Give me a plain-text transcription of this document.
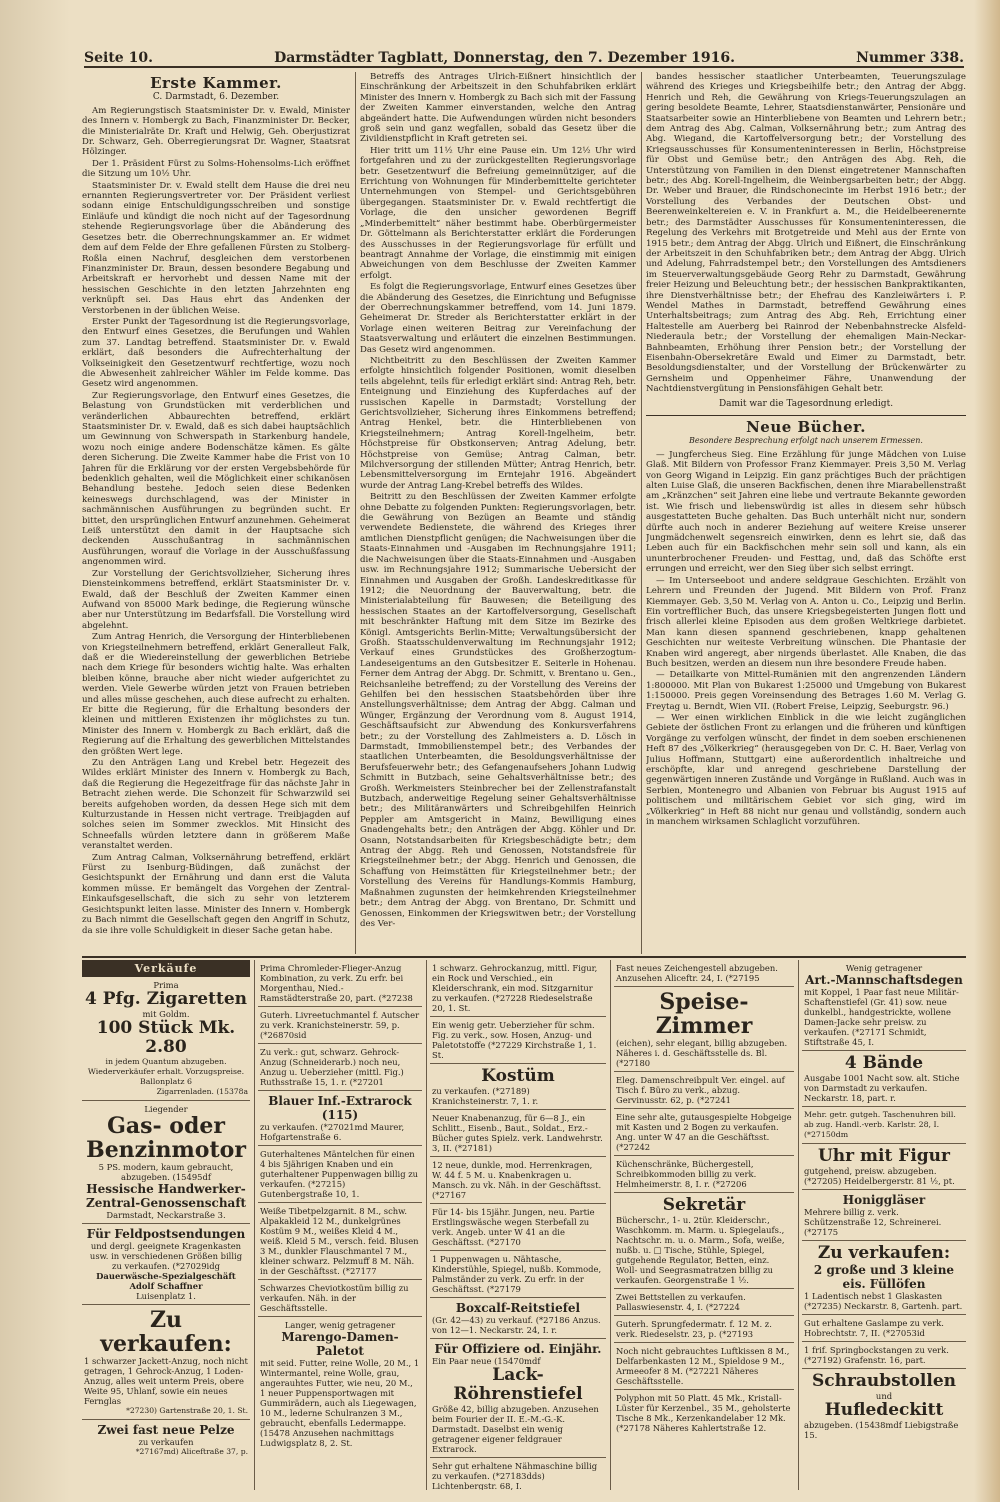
Seite 10.	Darmstädter Tagblatt, Donnerstag, den 7. Dezember 1916.	Nummer 338.
Erste Kammer.
C. Darmstadt, 6. Dezember.

Am Regierungstisch Staatsminister Dr. v. Ewald, Minister des Innern v. Hombergk zu Bach, Finanzminister Dr. Becker, die Ministerialräte Dr. Kraft und Helwig, Geh. Oberjustizrat Dr. Schwarz, Geh. Oberregierungsrat Dr. Wagner, Staatsrat Hölzinger.

Der 1. Präsident Fürst zu Solms-Hohensolms-Lich eröffnet die Sitzung um 10½ Uhr.

Staatsminister Dr. v. Ewald stellt dem Hause die drei neu ernannten Regierungsvertreter vor. Der Präsident verliest sodann einige Entschuldigungsschreiben und sonstige Einläufe und kündigt die noch nicht auf der Tagesordnung stehende Regierungsvorlage über die Abänderung des Gesetzes betr. die Oberrechnungskammer an. Er widmet dem auf dem Felde der Ehre gefallenen Fürsten zu Stolberg-Roßla einen Nachruf, desgleichen dem verstorbenen Finanzminister Dr. Braun, dessen besondere Begabung und Arbeitskraft er hervorhebt und dessen Name mit der hessischen Geschichte in den letzten Jahrzehnten eng verknüpft sei. Das Haus ehrt das Andenken der Verstorbenen in der üblichen Weise.

Erster Punkt der Tagesordnung ist die Regierungsvorlage, den Entwurf eines Gesetzes, die Berufungen und Wahlen zum 37. Landtag betreffend. Staatsminister Dr. v. Ewald erklärt, daß besonders die Aufrechterhaltung der Volkseinigkeit den Gesetzentwurf rechtfertige, wozu noch die Abwesenheit zahlreicher Wähler im Felde komme. Das Gesetz wird angenommen.

Zur Regierungsvorlage, den Entwurf eines Gesetzes, die Belastung von Grundstücken mit verderblichen und veränderlichen Abbaurechten betreffend, erklärt Staatsminister Dr. v. Ewald, daß es sich dabei hauptsächlich um Gewinnung von Schwerspath in Starkenburg handele, wozu noch einige andere Bodenschätze kämen. Es gälte deren Sicherung. Die Zweite Kammer habe die Frist von 10 Jahren für die Erklärung vor der ersten Vergebsbehörde für bedenklich gehalten, weil die Möglichkeit einer schikanösen Behandlung bestehe. Jedoch seien diese Bedenken keineswegs durchschlagend, was der Minister in sachmännischen Ausführungen zu begründen sucht. Er bittet, den ursprünglichen Entwurf anzunehmen. Geheimerat Leiß unterstützt den damit in der Hauptsache sich deckenden Ausschußantrag in sachmännischen Ausführungen, worauf die Vorlage in der Ausschußfassung angenommen wird.

Zur Vorstellung der Gerichtsvollzieher, Sicherung ihres Diensteinkommens betreffend, erklärt Staatsminister Dr. v. Ewald, daß der Beschluß der Zweiten Kammer einen Aufwand von 85000 Mark bedinge, die Regierung wünsche aber nur Unterstützung im Bedarfsfall. Die Vorstellung wird abgelehnt.

Zum Antrag Henrich, die Versorgung der Hinterbliebenen von Kriegsteilnehmern betreffend, erklärt Generalleut Falk, daß er die Wiedereinstellung der gewerblichen Betriebe nach dem Kriege für besonders wichtig halte. Was erhalten bleiben könne, brauche aber nicht wieder aufgerichtet zu werden. Viele Gewerbe würden jetzt von Frauen betrieben und alles müsse geschehen, auch diese aufrecht zu erhalten. Er bitte die Regierung, für die Erhaltung besonders der kleinen und mittleren Existenzen ihr möglichstes zu tun. Minister des Innern v. Hombergk zu Bach erklärt, daß die Regierung auf die Erhaltung des gewerblichen Mittelstandes den größten Wert lege.

Zu den Anträgen Lang und Krebel betr. Hegezeit des Wildes erklärt Minister des Innern v. Hombergk zu Bach, daß die Regierung die Hegezeitfrage für das nächste Jahr in Betracht ziehen werde. Die Schonzeit für Schwarzwild sei bereits aufgehoben worden, da dessen Hege sich mit dem Kulturzustande in Hessen nicht vertrage. Treibjagden auf solches seien im Sommer zwecklos. Mit Hinsicht des Schneefalls würden letztere dann in größerem Maße veranstaltet werden.

Zum Antrag Calman, Volksernährung betreffend, erklärt Fürst zu Isenburg-Büdingen, daß zunächst der Gesichtspunkt der Ernährung und dann erst die Valuta kommen müsse. Er bemängelt das Vorgehen der Zentral-Einkaufsgesellschaft, die sich zu sehr von letzterem Gesichtspunkt leiten lasse. Minister des Innern v. Hombergk zu Bach nimmt die Gesellschaft gegen den Angriff in Schutz, da sie ihre volle Schuldigkeit in dieser Sache getan habe.

Betreffs des Antrages Ulrich-Eißnert hinsichtlich der Einschränkung der Arbeitszeit in den Schuhfabriken erklärt Minister des Innern v. Hombergk zu Bach sich mit der Fassung der Zweiten Kammer einverstanden, welche den Antrag abgeändert hatte. Die Aufwendungen würden nicht besonders groß sein und ganz wegfallen, sobald das Gesetz über die Zivildienstpflicht in Kraft getreten sei.

Hier tritt um 11½ Uhr eine Pause ein. Um 12½ Uhr wird fortgefahren und zu der zurückgestellten Regierungsvorlage betr. Gesetzentwurf die Befreiung gemeinnütziger, auf die Errichtung von Wohnungen für Minderbemittelte gerichteter Unternehmungen von Stempel- und Gerichtsgebühren übergegangen. Staatsminister Dr. v. Ewald rechtfertigt die Vorlage, die den unsicher gewordenen Begriff „Minderbemittelt“ näher bestimmt habe. Oberbürgermeister Dr. Göttelmann als Berichterstatter erklärt die Forderungen des Ausschusses in der Regierungsvorlage für erfüllt und beantragt Annahme der Vorlage, die einstimmig mit einigen Abweichungen von dem Beschlusse der Zweiten Kammer erfolgt.

Es folgt die Regierungsvorlage, Entwurf eines Gesetzes über die Abänderung des Gesetzes, die Einrichtung und Befugnisse der Oberrechnungskammer betreffend, vom 14. Juni 1879. Geheimerat Dr. Streder als Berichterstatter erklärt in der Vorlage einen weiteren Beitrag zur Vereinfachung der Staatsverwaltung und erläutert die einzelnen Bestimmungen. Das Gesetz wird angenommen.

Nichtbeitritt zu den Beschlüssen der Zweiten Kammer erfolgte hinsichtlich folgender Positionen, womit dieselben teils abgelehnt, teils für erledigt erklärt sind: Antrag Reh, betr. Enteignung und Einziehung des Kupferdaches auf der russischen Kapelle in Darmstadt; Vorstellung der Gerichtsvollzieher, Sicherung ihres Einkommens betreffend; Antrag Henkel, betr. die Hinterbliebenen von Kriegsteilnehmern; Antrag Korell-Ingelheim, betr. Höchstpreise für Obstkonserven; Antrag Adelung, betr. Höchstpreise von Gemüse; Antrag Calman, betr. Milchversorgung der stillenden Mütter; Antrag Henrich, betr. Lebensmittelversorgung im Erntejahr 1916. Abgeändert wurde der Antrag Lang-Krebel betreffs des Wildes.

Beitritt zu den Beschlüssen der Zweiten Kammer erfolgte ohne Debatte zu folgenden Punkten: Regierungsvorlagen, betr. die Gewährung von Bezügen an Beamte und ständig verwendete Bedienstete, die während des Krieges ihrer amtlichen Dienstpflicht genügen; die Nachweisungen über die Staats-Einnahmen und -Ausgaben im Rechnungsjahre 1911; die Nachweisungen über die Staats-Einnahmen und -Ausgaben usw. im Rechnungsjahre 1912; Summarische Uebersicht der Einnahmen und Ausgaben der Großh. Landeskreditkasse für 1912; die Neuordnung der Bauverwaltung, betr. die Ministerialabteilung für Bauwesen; die Beteiligung des hessischen Staates an der Kartoffelversorgung, Gesellschaft mit beschränkter Haftung mit dem Sitze im Bezirke des Königl. Amtsgerichts Berlin-Mitte; Verwaltungsübersicht der Großh. Staatsschuldenverwaltung im Rechnungsjahr 1912; Verkauf eines Grundstückes des Großherzogtum-Landeseigentums an den Gutsbesitzer E. Seiterle in Hohenau. Ferner dem Antrag der Abgg. Dr. Schmitt, v. Brentano u. Gen., Reichsanleihe betreffend; zu der Vorstellung des Vereins der Gehilfen bei den hessischen Staatsbehörden über ihre Anstellungsverhältnisse; dem Antrag der Abgg. Calman und Wünger, Ergänzung der Verordnung vom 8. August 1914, Geschäftsaufsicht zur Abwendung des Konkursverfahrens betr.; zu der Vorstellung des Zahlmeisters a. D. Lösch in Darmstadt, Immobilienstempel betr.; des Verbandes der staatlichen Unterbeamten, die Besoldungsverhältnisse der Berufsfeuerwehr betr.; des Gefangenaufsehers Johann Ludwig Schmitt in Butzbach, seine Gehaltsverhältnisse betr.; des Großh. Werkmeisters Steinbrecher bei der Zellenstrafanstalt Butzbach, anderweitige Regelung seiner Gehaltsverhältnisse betr.; des Militäranwärters und Schreibgehilfen Heinrich Peppler am Amtsgericht in Mainz, Bewilligung eines Gnadengehalts betr.; den Anträgen der Abgg. Köhler und Dr. Osann, Notstandsarbeiten für Kriegsbeschädigte betr.; dem Antrag der Abgg. Reh und Genossen, Notstandsfreie für Kriegsteilnehmer betr.; der Abgg. Henrich und Genossen, die Schaffung von Heimstätten für Kriegsteilnehmer betr.; der Vorstellung des Vereins für Handlungs-Kommis Hamburg, Maßnahmen zugunsten der heimkehrenden Kriegsteilnehmer betr.; dem Antrag der Abgg. von Brentano, Dr. Schmitt und Genossen, Einkommen der Kriegswitwen betr.; der Vorstellung des Ver-

bandes hessischer staatlicher Unterbeamten, Teuerungszulage während des Krieges und Kriegsbeihilfe betr.; den Antrag der Abgg. Henrich und Reh, die Gewährung von Kriegs-Teuerungszulagen an gering besoldete Beamte, Lehrer, Staatsdienstanwärter, Pensionäre und Staatsarbeiter sowie an Hinterbliebene von Beamten und Lehrern betr.; dem Antrag des Abg. Calman, Volksernährung betr.; zum Antrag des Abg. Wiegand, die Kartoffelversorgung betr.; der Vorstellung des Kriegsausschusses für Konsumenteninteressen in Berlin, Höchstpreise für Obst und Gemüse betr.; den Anträgen des Abg. Reh, die Unterstützung von Familien in den Dienst eingetretener Mannschaften betr.; des Abg. Korell-Ingelheim, die Weinbergsarbeiten betr.; der Abgg. Dr. Weber und Brauer, die Rindschonecinte im Herbst 1916 betr.; der Vorstellung des Verbandes der Deutschen Obst- und Beerenweinkeltereien e. V. in Frankfurt a. M., die Heidelbeerenernte betr.; des Darmstädter Ausschusses für Konsumenteninteressen, die Regelung des Verkehrs mit Brotgetreide und Mehl aus der Ernte von 1915 betr.; dem Antrag der Abgg. Ulrich und Eißnert, die Einschränkung der Arbeitszeit in den Schuhfabriken betr.; dem Antrag der Abgg. Ulrich und Adelung, Fahrradstempel betr.; den Vorstellungen des Amtsdieners im Steuerverwaltungsgebäude Georg Rehr zu Darmstadt, Gewährung freier Heizung und Beleuchtung betr.; der hessischen Bankpraktikanten, ihre Dienstverhältnisse betr.; der Ehefrau des Kanzleiwärters i. P. Wendel Mathes in Darmstadt, betreffend Gewährung eines Unterhaltsbeitrags; zum Antrag des Abg. Reh, Errichtung einer Haltestelle am Auerberg bei Rainrod der Nebenbahnstrecke Alsfeld-Niederaula betr.; der Vorstellung der ehemaligen Main-Neckar-Bahnbeamten, Erhöhung ihrer Pension betr.; der Vorstellung der Eisenbahn-Obersekretäre Ewald und Eimer zu Darmstadt, betr. Besoldungsdienstalter, und der Vorstellung der Brückenwärter zu Gernsheim und Oppenheimer Fähre, Unanwendung der Nachtdienstvergütung in Pensionsfähigen Gehalt betr.

Damit war die Tagesordnung erledigt.
Neue Bücher.
Besondere Besprechung erfolgt nach unserem Ermessen.

— Jungfercheus Sieg. Eine Erzählung für junge Mädchen von Luise Glaß. Mit Bildern von Professor Franz Kiemmayer. Preis 3,50 M. Verlag von Georg Wigand in Leipzig. Ein ganz prächtiges Buch der prächtigen alten Luise Glaß, die unseren Backfischen, denen ihre Miarabellenstraßt am „Kränzchen“ seit Jahren eine liebe und vertraute Bekannte geworden ist. Wie frisch und liebenswürdig ist alles in diesem sehr hübsch ausgestatteten Buche gehalten. Das Buch unterhält nicht nur, sondern dürfte auch noch in anderer Beziehung auf weitere Kreise unserer Jungmädchenwelt segensreich einwirken, denn es lehrt sie, daß das Leben auch für ein Backfischchen mehr sein soll und kann, als ein ununterbrochener Freuden- und Festtag, und, daß das Schöfte erst errungen und erreicht, wer den Sieg über sich selbst erringt.

— Im Unterseeboot und andere seldgraue Geschichten. Erzählt von Lehrern und Freunden der Jugend. Mit Bildern von Prof. Franz Kiemmayer. Geb. 3,50 M. Verlag von A. Anton u. Co., Leipzig und Berlin. Ein vortrefflicher Buch, das unsere Kriegsbegeisterten Jungen flott und frisch allerlei kleine Episoden aus dem großen Weltkriege darbietet. Man kann diesen spannend geschriebenen, knapp gehaltenen Geschichten nur weiteste Verbreitung wünschen. Die Phantasie der Knaben wird angeregt, aber nirgends überlastet. Alle Knaben, die das Buch besitzen, werden an diesem nun ihre besondere Freude haben.

— Detailkarte von Mittel-Rumänien mit den angrenzenden Ländern 1:800000. Mit Plan von Bukarest 1:25000 und Umgebung von Bukarest 1:150000. Preis gegen Voreinsendung des Betrages 1.60 M. Verlag G. Freytag u. Berndt, Wien VII. (Robert Freise, Leipzig, Seeburgstr. 96.)

— Wer einen wirklichen Einblick in die wie leicht zugänglichen Gebiete der östlichen Front zu erlangen und die früheren und künftigen Vorgänge zu verfolgen wünscht, der findet in dem soeben erschienenen Heft 87 des „Völkerkrieg“ (herausgegeben von Dr. C. H. Baer, Verlag von Julius Hoffmann, Stuttgart) eine außerordentlich inhaltreiche und erschöpfte, klar und anregend geschriebene Darstellung der gegenwärtigen inneren Zustände und Vorgänge in Rußland. Auch was in Serbien, Montenegro und Albanien von Februar bis August 1915 auf politischem und militärischem Gebiet vor sich ging, wird im „Völkerkrieg“ in Heft 88 nicht nur genau und vollständig, sondern auch in manchem wirksamen Schlaglicht vorzuführen.

Verkäufe
Prima
4 Pfg. Zigaretten
mit Goldm.
100 Stück Mk. 2.80
in jedem Quantum abzugeben. Wiederverkäufer erhalt. Vorzugspreise. Ballonplatz 6
Zigarrenladen. (15378a
Liegender
Gas- oder Benzinmotor
5 PS. modern, kaum gebraucht, abzugeben. (15495df
Hessische Handwerker-Zentral-Genossenschaft
Darmstadt, Neckarstraße 3.
Für Feldpostsendungen
und dergl. geeignete Kragenkasten usw. in verschiedenen Größen billig zu verkaufen. (*27029idg
Dauerwäsche-Spezialgeschäft Adolf Schaffner
Luisenplatz 1.
Zu verkaufen:
1 schwarzer Jackett-Anzug, noch nicht getragen, 1 Gehrock-Anzug, 1 Loden-Anzug, alles weit unterm Preis, obere Weite 95, Uhlanf, sowie ein neues Fernglas
*27230) Gartenstraße 20, 1. St.
Zwei fast neue Pelze
zu verkaufen
*27167md) Aliceftraße 37, p.
Prima Chromleder-Flieger-Anzug Kombination, zu verk. Zu erfr. bei Morgenthau, Nied.-Ramstädterstraße 20, part. (*27238
Guterh. Livreetuchmantel f. Autscher zu verk. Kranichsteinerstr. 59, p. (*26870sid
Zu verk.: gut, schwarz. Gehrock-Anzug (Schneiderarb.) noch neu, Anzug u. Ueberzieher (mittl. Fig.) Ruthsstraße 15, 1. r. (*27201
Blauer Inf.-Extrarock (115)
zu verkaufen. (*27021md Maurer, Hofgartenstraße 6.
Guterhaltenes Mäntelchen für einen 4 bis 5jährigen Knaben und ein guterhaltener Puppenwagen billig zu verkaufen. (*27215) Gutenbergstraße 10, 1.
Weiße Tibetpelzgarnit. 8 M., schw. Alpakakleid 12 M., dunkelgrünes Kostüm 9 M., weißes Kleid 4 M., weiß. Kleid 5 M., versch. feid. Blusen 3 M., dunkler Flauschmantel 7 M., kleiner schwarz. Pelzmuff 8 M. Näh. in der Geschäftsst. (*27177
Schwarzes Cheviotkostüm billig zu verkaufen. Näh. in der Geschäftsstelle.
Langer, wenig getragener
Marengo-Damen-Paletot
mit seid. Futter, reine Wolle, 20 M., 1 Wintermantel, reine Wolle, grau, angerauhtes Futter, wie neu, 20 M., 1 neuer Puppensportwagen mit Gummirädern, auch als Liegewagen, 10 M., lederne Schulranzen 3 M., gebraucht, ebenfalls Ledermappe. (15478 Anzusehen nachmittags Ludwigsplatz 8, 2. St.
1 schwarz. Gehrockanzug, mittl. Figur, ein Rock und Verschied., ein Kleiderschrank, ein mod. Sitzgarnitur zu verkaufen. (*27228 Riedeselstraße 20, 1. St.
Ein wenig getr. Ueberzieher für schm. Fig. zu verk., sow. Hosen, Anzug- und Paletotstoffe (*27229 Kirchstraße 1, 1. St.
Kostüm
zu verkaufen. (*27189) Kranichsteinerstr. 7, 1. r.
Neuer Knabenanzug, für 6—8 J., ein Schlitt., Eisenb., Baut., Soldat., Erz.-Bücher gutes Spielz. verk. Landwehrstr. 3, II. (*27181)
12 neue, dunkle, mod. Herrenkragen, W. 44 f. 5 M. u. Knabenkragen u. Mansch. zu vk. Näh. in der Geschäftsst. (*27167
Für 14- bis 15jähr. Jungen, neu. Partie Erstlingswäsche wegen Sterbefall zu verk. Angeb. unter W 41 an die Geschäftsst. (*27170
1 Puppenwagen u. Nähtasche, Kinderstühle, Spiegel, nußb. Kommode, Palmständer zu verk. Zu erfr. in der Geschäftsst. (*27179
Boxcalf-Reitstiefel
(Gr. 42—43) zu verkauf. (*27186 Anzus. von 12—1. Neckarstr. 24, I. r.
Für Offiziere od. Einjähr.
Ein Paar neue (15470mdf
Lack-Röhrenstiefel
Größe 42, billig abzugeben. Anzusehen beim Fourier der II. E.-M.-G.-K. Darmstadt. Daselbst ein wenig getragener eigener feldgrauer Extrarock.
Sehr gut erhaltene Nähmaschine billig zu verkaufen. (*27183dds) Lichtenbergstr. 68, I.
Fast neues Zeichengestell abzugeben. Anzusehen Aliceftr. 24, I. (*27195
Speise-Zimmer
(eichen), sehr elegant, billig abzugeben. Näheres i. d. Geschäftsstelle ds. Bl. (*27180
Eleg. Damenschreibpult Ver. eingel. auf Tisch f. Büro zu verk., abzug. Gervinusstr. 62, p. (*27241
Eine sehr alte, gutausgespielte Hobgeige mit Kasten und 2 Bogen zu verkaufen. Ang. unter W 47 an die Geschäftsst. (*27242
Küchenschränke, Büchergestell, Schreibkommoden billig zu verk. Helmheimerstr. 8, I. r. (*27206
Sekretär
Bücherschr., 1- u. 2tür. Kleiderschr., Waschkomm. m. Marm. u. Spiegelaufs., Nachtschr. m. u. o. Marm., Sofa, weiße, nußb. u. □ Tische, Stühle, Spiegel, gutgehende Regulator, Betten, einz. Woll- und Seegrasmatratzen billig zu verkaufen. Georgenstraße 1 ½.
Zwei Bettstellen zu verkaufen. Pallaswiesenstr. 4, I. (*27224
Guterh. Sprungfedermatr. f. 12 M. z. verk. Riedeselstr. 23, p. (*27193
Noch nicht gebrauchtes Luftkissen 8 M., Delfarbenkasten 12 M., Spieldose 9 M., Armeeofer 8 M. (*27221 Näheres Geschäftsstelle.
Polyphon mit 50 Platt. 45 Mk., Kristall-Lüster für Kerzenbel., 35 M., geholsterte Tische 8 Mk., Kerzenkandelaber 12 Mk. (*27178 Näheres Kahlertstraße 12.
Wenig getragener
Art.-Mannschaftsdegen
mit Koppel, 1 Paar fast neue Militär-Schaftenstiefel (Gr. 41) sow. neue dunkelbl., handgestrickte, wollene Damen-Jacke sehr preisw. zu verkaufen. (*27171 Schmidt, Stiftstraße 45, I.
4 Bände
Ausgabe 1001 Nacht sow. alt. Stiche von Darmstadt zu verkaufen. Neckarstr. 18, part. r.
Mehr. getr. gutgeh. Taschenuhren bill. ab zug. Handl.-verb. Karlstr. 28, I. (*27150dm
Uhr mit Figur
gutgehend, preisw. abzugeben. (*27205) Heidelbergerstr. 81 ½, pt.
Honiggläser
Mehrere billig z. verk. Schützenstraße 12, Schreinerei. (*27175
Zu verkaufen:
2 große und 3 kleine eis. Füllöfen
1 Ladentisch nebst 1 Glaskasten (*27235) Neckarstr. 8, Gartenh. part.
Gut erhaltene Gaslampe zu verk. Hobrechtstr. 7, II. (*27053id
1 frif. Springbockstangen zu verk. (*27192) Grafenstr. 16, part.
Schraubstollen
und
Hufledeckitt
abzugeben. (15438mdf Liebigstraße 15.
